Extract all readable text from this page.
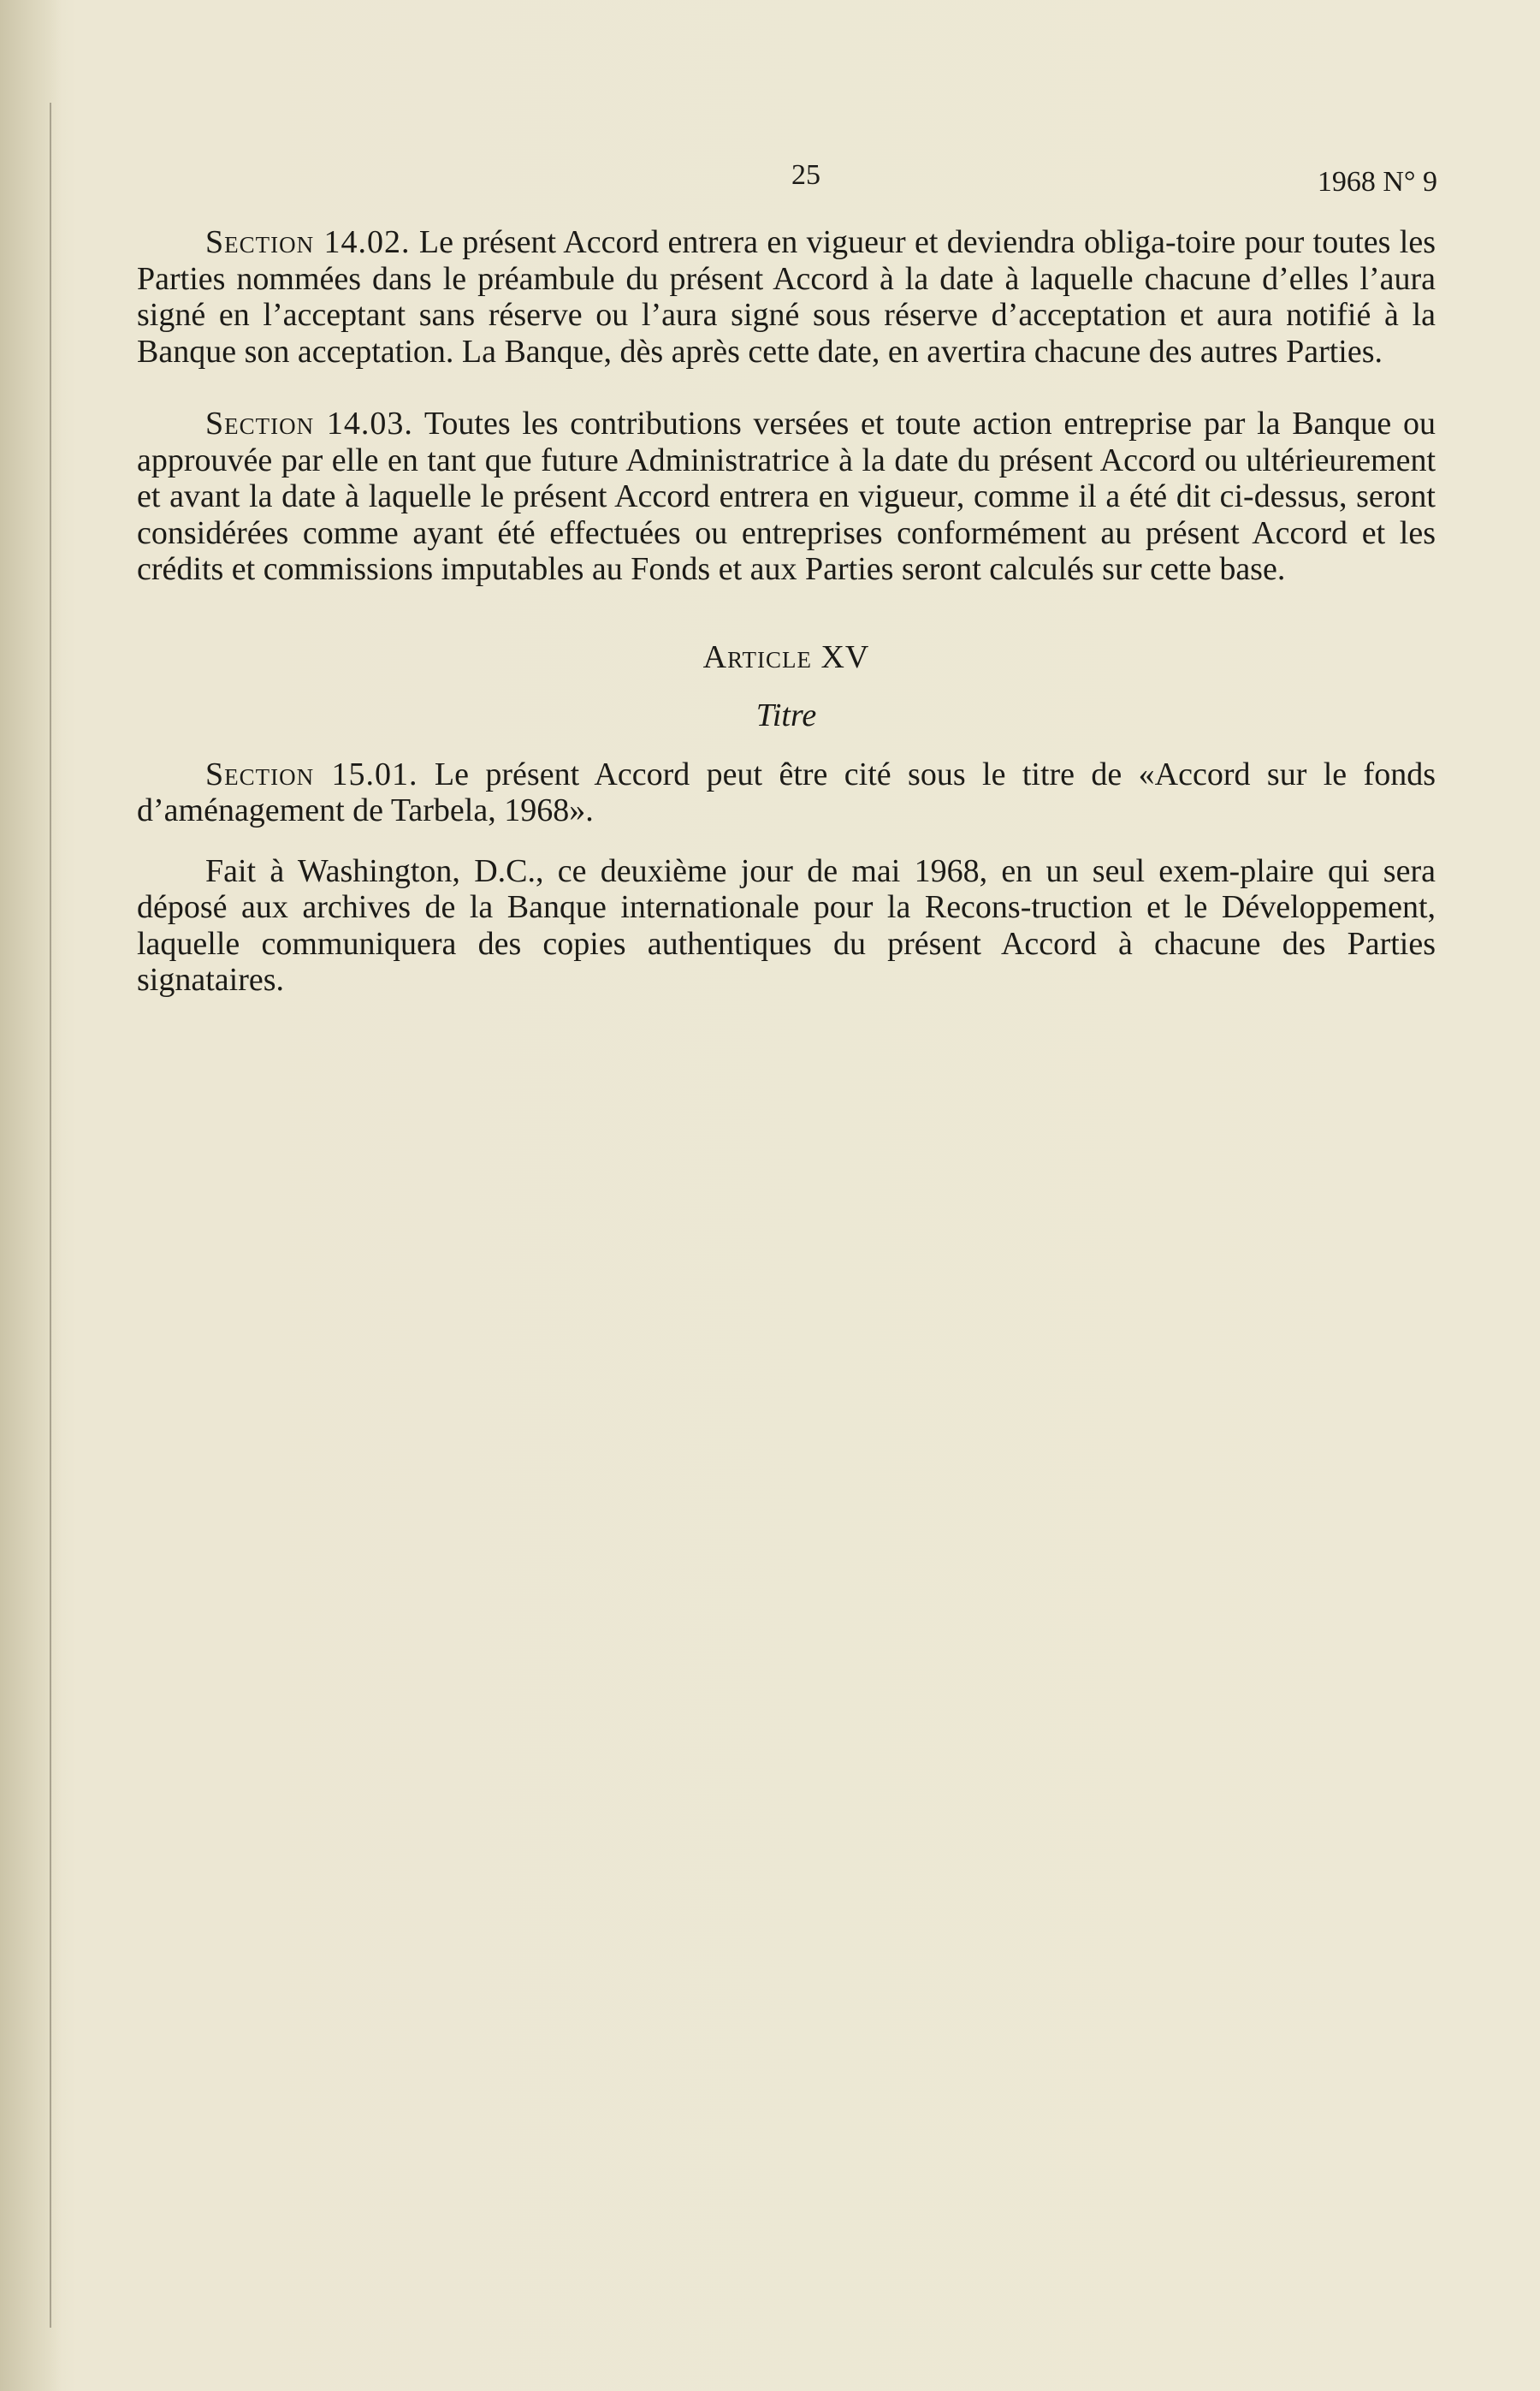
25	1968 N° 9

Section 14.02. Le présent Accord entrera en vigueur et deviendra obliga-toire pour toutes les Parties nommées dans le préambule du présent Accord à la date à laquelle chacune d’elles l’aura signé en l’acceptant sans réserve ou l’aura signé sous réserve d’acceptation et aura notifié à la Banque son acceptation. La Banque, dès après cette date, en avertira chacune des autres Parties.

Section 14.03. Toutes les contributions versées et toute action entreprise par la Banque ou approuvée par elle en tant que future Administratrice à la date du présent Accord ou ultérieurement et avant la date à laquelle le présent Accord entrera en vigueur, comme il a été dit ci-dessus, seront considérées comme ayant été effectuées ou entreprises conformément au présent Accord et les crédits et commissions imputables au Fonds et aux Parties seront calculés sur cette base.

Article XV

Titre

Section 15.01. Le présent Accord peut être cité sous le titre de «Accord sur le fonds d’aménagement de Tarbela, 1968».

Fait à Washington, D.C., ce deuxième jour de mai 1968, en un seul exem-plaire qui sera déposé aux archives de la Banque internationale pour la Recons-truction et le Développement, laquelle communiquera des copies authentiques du présent Accord à chacune des Parties signataires.
